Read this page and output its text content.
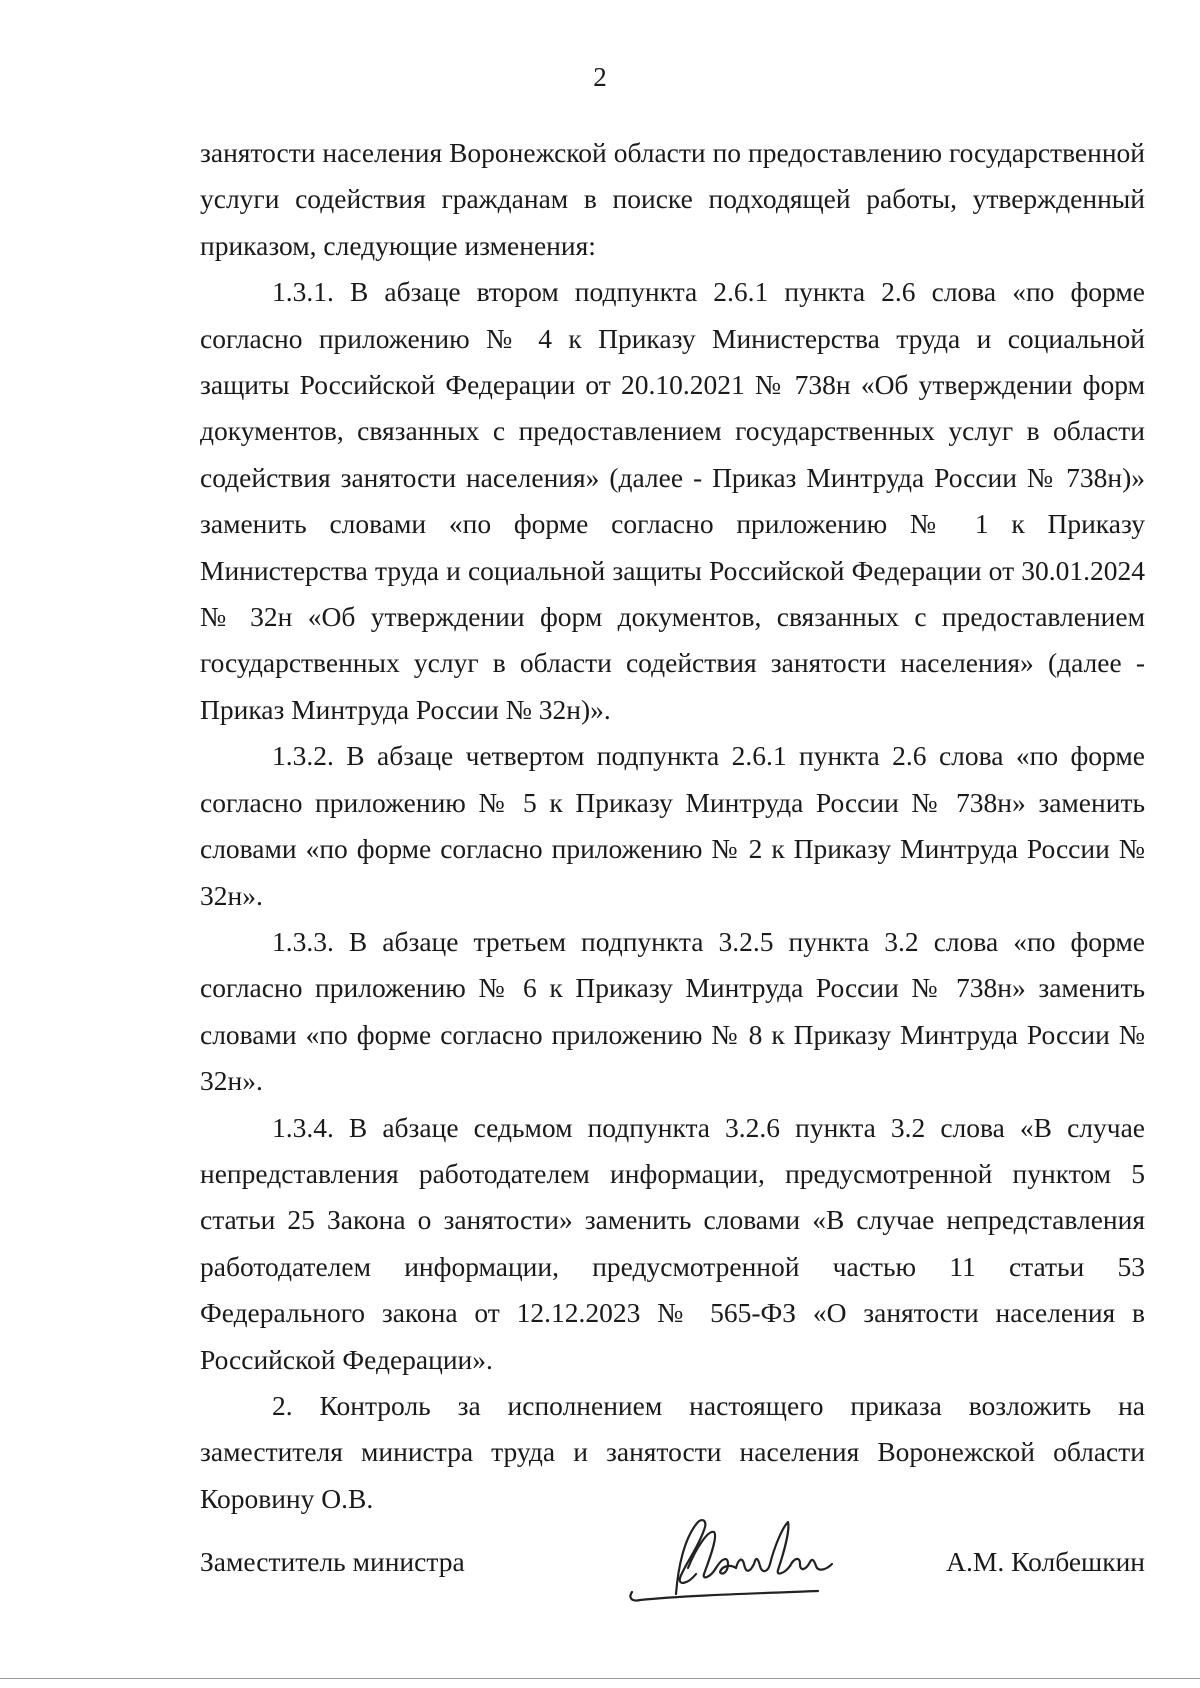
2

занятости населения Воронежской области по предоставлению государственной услуги содействия гражданам в поиске подходящей работы, утвержденный приказом, следующие изменения:

1.3.1. В абзаце втором подпункта 2.6.1 пункта 2.6 слова «по форме согласно приложению № 4 к Приказу Министерства труда и социальной защиты Российской Федерации от 20.10.2021 № 738н «Об утверждении форм документов, связанных с предоставлением государственных услуг в области содействия занятости населения» (далее - Приказ Минтруда России № 738н)» заменить словами «по форме согласно приложению № 1 к Приказу Министерства труда и социальной защиты Российской Федерации от 30.01.2024 № 32н «Об утверждении форм документов, связанных с предоставлением государственных услуг в области содействия занятости населения» (далее - Приказ Минтруда России № 32н)».

1.3.2. В абзаце четвертом подпункта 2.6.1 пункта 2.6 слова «по форме согласно приложению № 5 к Приказу Минтруда России № 738н» заменить словами «по форме согласно приложению № 2 к Приказу Минтруда России № 32н».

1.3.3. В абзаце третьем подпункта 3.2.5 пункта 3.2 слова «по форме согласно приложению № 6 к Приказу Минтруда России № 738н» заменить словами «по форме согласно приложению № 8 к Приказу Минтруда России № 32н».

1.3.4. В абзаце седьмом подпункта 3.2.6 пункта 3.2 слова «В случае непредставления работодателем информации, предусмотренной пунктом 5 статьи 25 Закона о занятости» заменить словами «В случае непредставления работодателем информации, предусмотренной частью 11 статьи 53 Федерального закона от 12.12.2023 № 565-ФЗ «О занятости населения в Российской Федерации».

2. Контроль за исполнением настоящего приказа возложить на заместителя министра труда и занятости населения Воронежской области Коровину О.В.

Заместитель министра	А.М. Колбешкин
